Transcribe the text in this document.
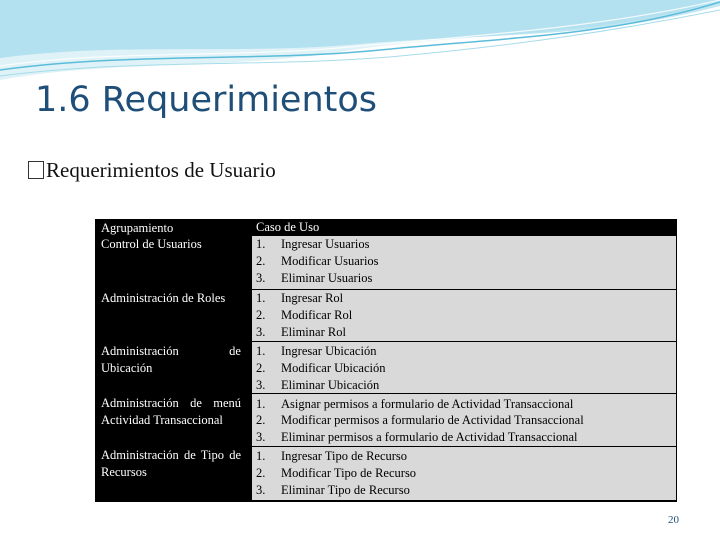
1.6 Requerimientos
Requerimientos de Usuario
Agrupamiento	Caso de Uso
Control de Usuarios
Administración de Roles
Administración de Ubicación
Administración de menú Actividad Transaccional
Administración de Tipo de Recursos
1. Ingresar Usuarios
2. Modificar Usuarios
3. Eliminar Usuarios
1. Ingresar Rol
2. Modificar Rol
3. Eliminar Rol
1. Ingresar Ubicación
2. Modificar Ubicación
3. Eliminar Ubicación
1. Asignar permisos a formulario de Actividad Transaccional
2. Modificar permisos a formulario de Actividad Transaccional
3. Eliminar permisos a formulario de Actividad Transaccional
1. Ingresar Tipo de Recurso
2. Modificar Tipo de Recurso
3. Eliminar Tipo de Recurso
20
